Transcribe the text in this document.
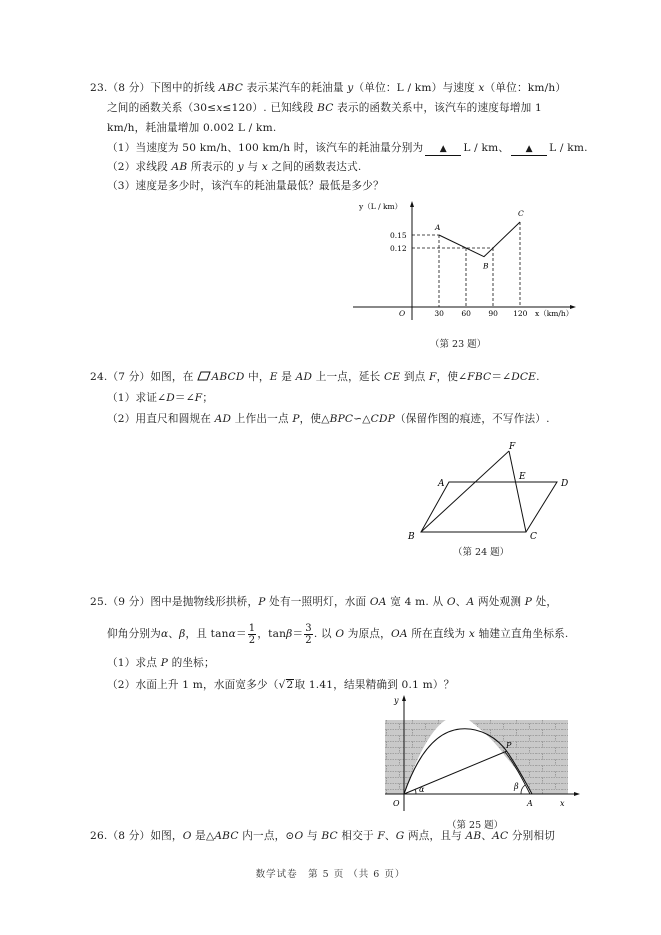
23.（8 分）下图中的折线 ABC 表示某汽车的耗油量 y（单位：L / km）与速度 x（单位：km/h）
之间的函数关系（30≤x≤120）. 已知线段 BC 表示的函数关系中，该汽车的速度每增加 1
km/h，耗油量增加 0.002 L / km.
（1）当速度为 50 km/h、100 km/h 时，该汽车的耗油量分别为 ▲ L / km、 ▲ L / km.
（2）求线段 AB 所表示的 y 与 x 之间的函数表达式.
（3）速度是多少时，该汽车的耗油量最低？最低是多少？
0.15
0.12
30 60 90 120
A
B
C
y（L / km）
x（km/h）
O
（第 23 题）
24.（7 分）如图，在 ABCD 中，E 是 AD 上一点，延长 CE 到点 F，使∠FBC＝∠DCE.
（1）求证∠D＝∠F；
（2）用直尺和圆规在 AD 上作出一点 P，使△BPC∽△CDP（保留作图的痕迹，不写作法）.
A
B	C
D
E
F
（第 24 题）
25.（9 分）图中是抛物线形拱桥，P 处有一照明灯，水面 OA 宽 4 m. 从 O、A 两处观测 P 处，
仰角分别为α、β，且 $\tan\alpha= \frac{1}{2}$ ，$\tan\beta= \frac{3}{2}$ . 以 O 为原点，OA 所在直线为 x 轴建立直角坐标系.
（1）求点 P 的坐标；
（2）水面上升 1 m，水面宽多少（√2取 1.41，结果精确到 0.1 m）？
y
x
O	A
P
α	β
（第 25 题）
26.（8 分）如图，O 是△ABC 内一点，⊙O 与 BC 相交于 F、G 两点，且与 AB、AC 分别相切
数学试卷　第 5 页 （共 6 页）
